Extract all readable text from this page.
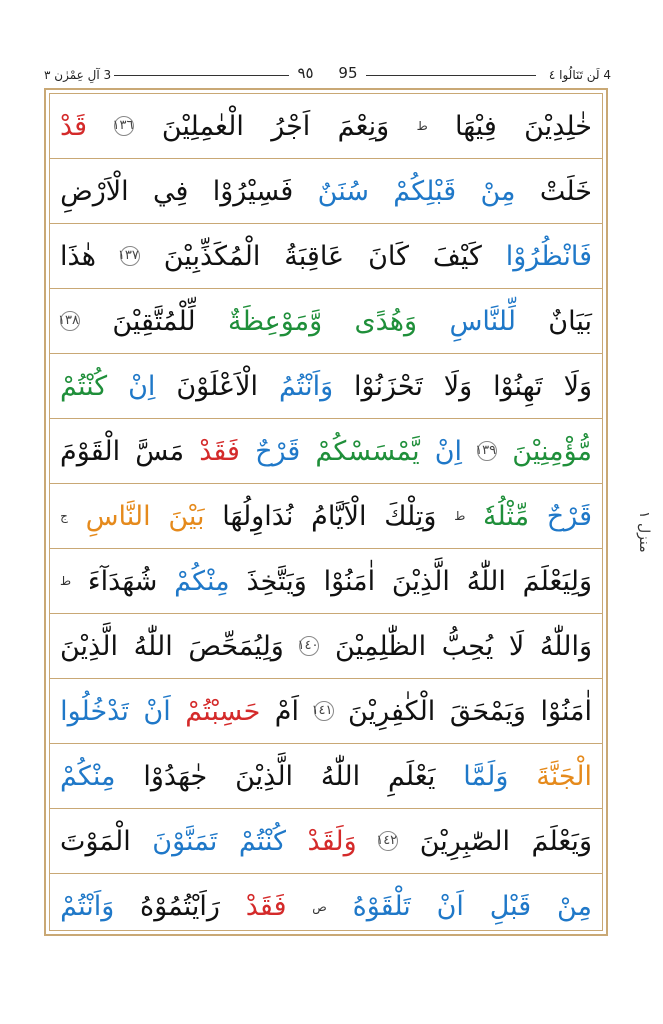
3 آلِ عِمْرٰن ٣	٩٥ 95	4 لَن تَنَالُوا ٤
خٰلِدِيْنَ
فِيْهَا
ط
وَنِعْمَ
اَجْرُ
الْعٰمِلِيْنَ
١٣٦
قَدْ
خَلَتْ
مِنْ
قَبْلِكُمْ
سُنَنٌ
فَسِيْرُوْا
فِي
الْاَرْضِ
فَانْظُرُوْا
كَيْفَ
كَانَ
عَاقِبَةُ
الْمُكَذِّبِيْنَ
١٣٧
هٰذَا
بَيَانٌ
لِّلنَّاسِ
وَهُدًى
وَّمَوْعِظَةٌ
لِّلْمُتَّقِيْنَ
١٣٨
وَلَا
تَهِنُوْا
وَلَا
تَحْزَنُوْا
وَاَنْتُمُ
الْاَعْلَوْنَ
اِنْ
كُنْتُمْ
مُّؤْمِنِيْنَ
١٣٩
اِنْ
يَّمْسَسْكُمْ
قَرْحٌ
فَقَدْ
مَسَّ
الْقَوْمَ
قَرْحٌ
مِّثْلُهٗ
ط
وَتِلْكَ
الْاَيَّامُ
نُدَاوِلُهَا
بَيْنَ
النَّاسِ
ج
وَلِيَعْلَمَ
اللّٰهُ
الَّذِيْنَ
اٰمَنُوْا
وَيَتَّخِذَ
مِنْكُمْ
شُهَدَآءَ
ط
وَاللّٰهُ
لَا
يُحِبُّ
الظّٰلِمِيْنَ
١٤٠
وَلِيُمَحِّصَ
اللّٰهُ
الَّذِيْنَ
اٰمَنُوْا
وَيَمْحَقَ
الْكٰفِرِيْنَ
١٤١
اَمْ
حَسِبْتُمْ
اَنْ
تَدْخُلُوا
الْجَنَّةَ
وَلَمَّا
يَعْلَمِ
اللّٰهُ
الَّذِيْنَ
جٰهَدُوْا
مِنْكُمْ
وَيَعْلَمَ
الصّٰبِرِيْنَ
١٤٢
وَلَقَدْ
كُنْتُمْ
تَمَنَّوْنَ
الْمَوْتَ
مِنْ
قَبْلِ
اَنْ
تَلْقَوْهُ
ص
فَقَدْ
رَاَيْتُمُوْهُ
وَاَنْتُمْ
منزل ١
